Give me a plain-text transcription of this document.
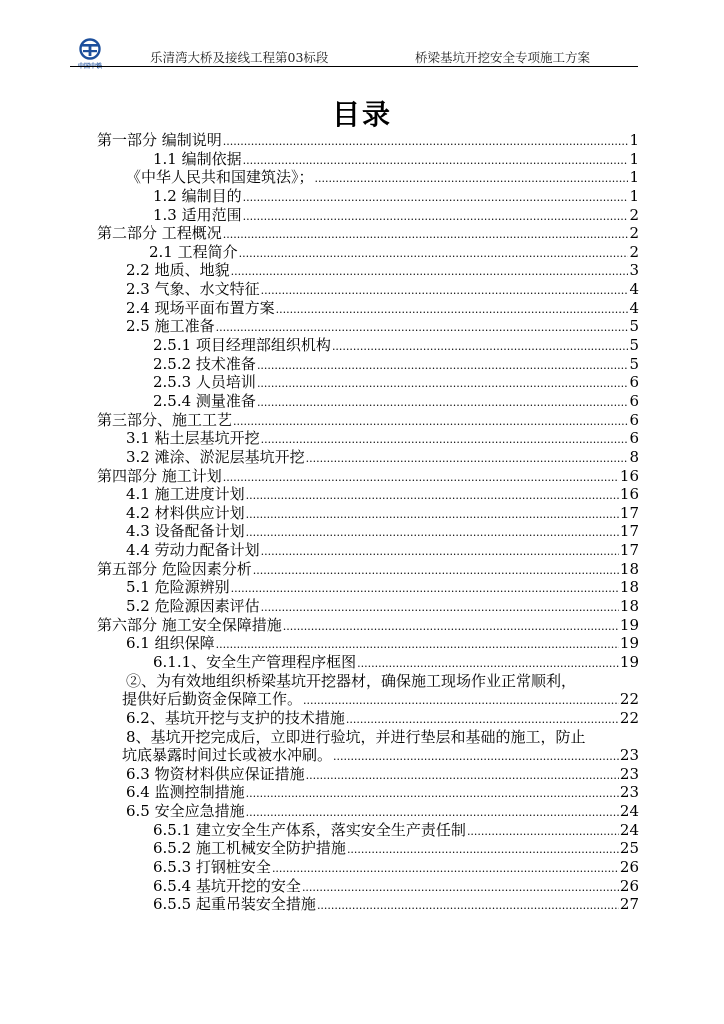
乐清湾大桥及接线工程第03标段	桥梁基坑开挖安全专项施工方案
目录
第一部分 编制说明 .....	1
1.1 编制依据 .....	1
《中华人民共和国建筑法》； .....	1
1.2 编制目的 .....	1
1.3 适用范围 .....	2
第二部分 工程概况 .....	2
2.1 工程简介 .....	2
2.2 地质、地貌 .....	3
2.3 气象、水文特征 .....	4
2.4 现场平面布置方案 .....	4
2.5 施工准备 .....	5
2.5.1 项目经理部组织机构 .....	5
2.5.2 技术准备 .....	5
2.5.3 人员培训 .....	6
2.5.4 测量准备 .....	6
第三部分、施工工艺 .....	6
3.1 粘土层基坑开挖 .....	6
3.2 滩涂、淤泥层基坑开挖 .....	8
第四部分 施工计划 .....	16
4.1 施工进度计划 .....	16
4.2 材料供应计划 .....	17
4.3 设备配备计划 .....	17
4.4 劳动力配备计划 .....	17
第五部分 危险因素分析 .....	18
5.1 危险源辨别 .....	18
5.2 危险源因素评估 .....	18
第六部分 施工安全保障措施 .....	19
6.1 组织保障 .....	19
6.1.1、安全生产管理程序框图 .....	19
②、为有效地组织桥梁基坑开挖器材，确保施工现场作业正常顺利，
提供好后勤资金保障工作。 .....	22
6.2、基坑开挖与支护的技术措施 .....	22
8、基坑开挖完成后，立即进行验坑，并进行垫层和基础的施工，防止
坑底暴露时间过长或被水冲刷。 .....	23
6.3 物资材料供应保证措施 .....	23
6.4 监测控制措施 .....	23
6.5 安全应急措施 .....	24
6.5.1 建立安全生产体系，落实安全生产责任制 .....	24
6.5.2 施工机械安全防护措施 .....	25
6.5.3 打钢桩安全 .....	26
6.5.4 基坑开挖的安全 .....	26
6.5.5 起重吊装安全措施 .....	27
